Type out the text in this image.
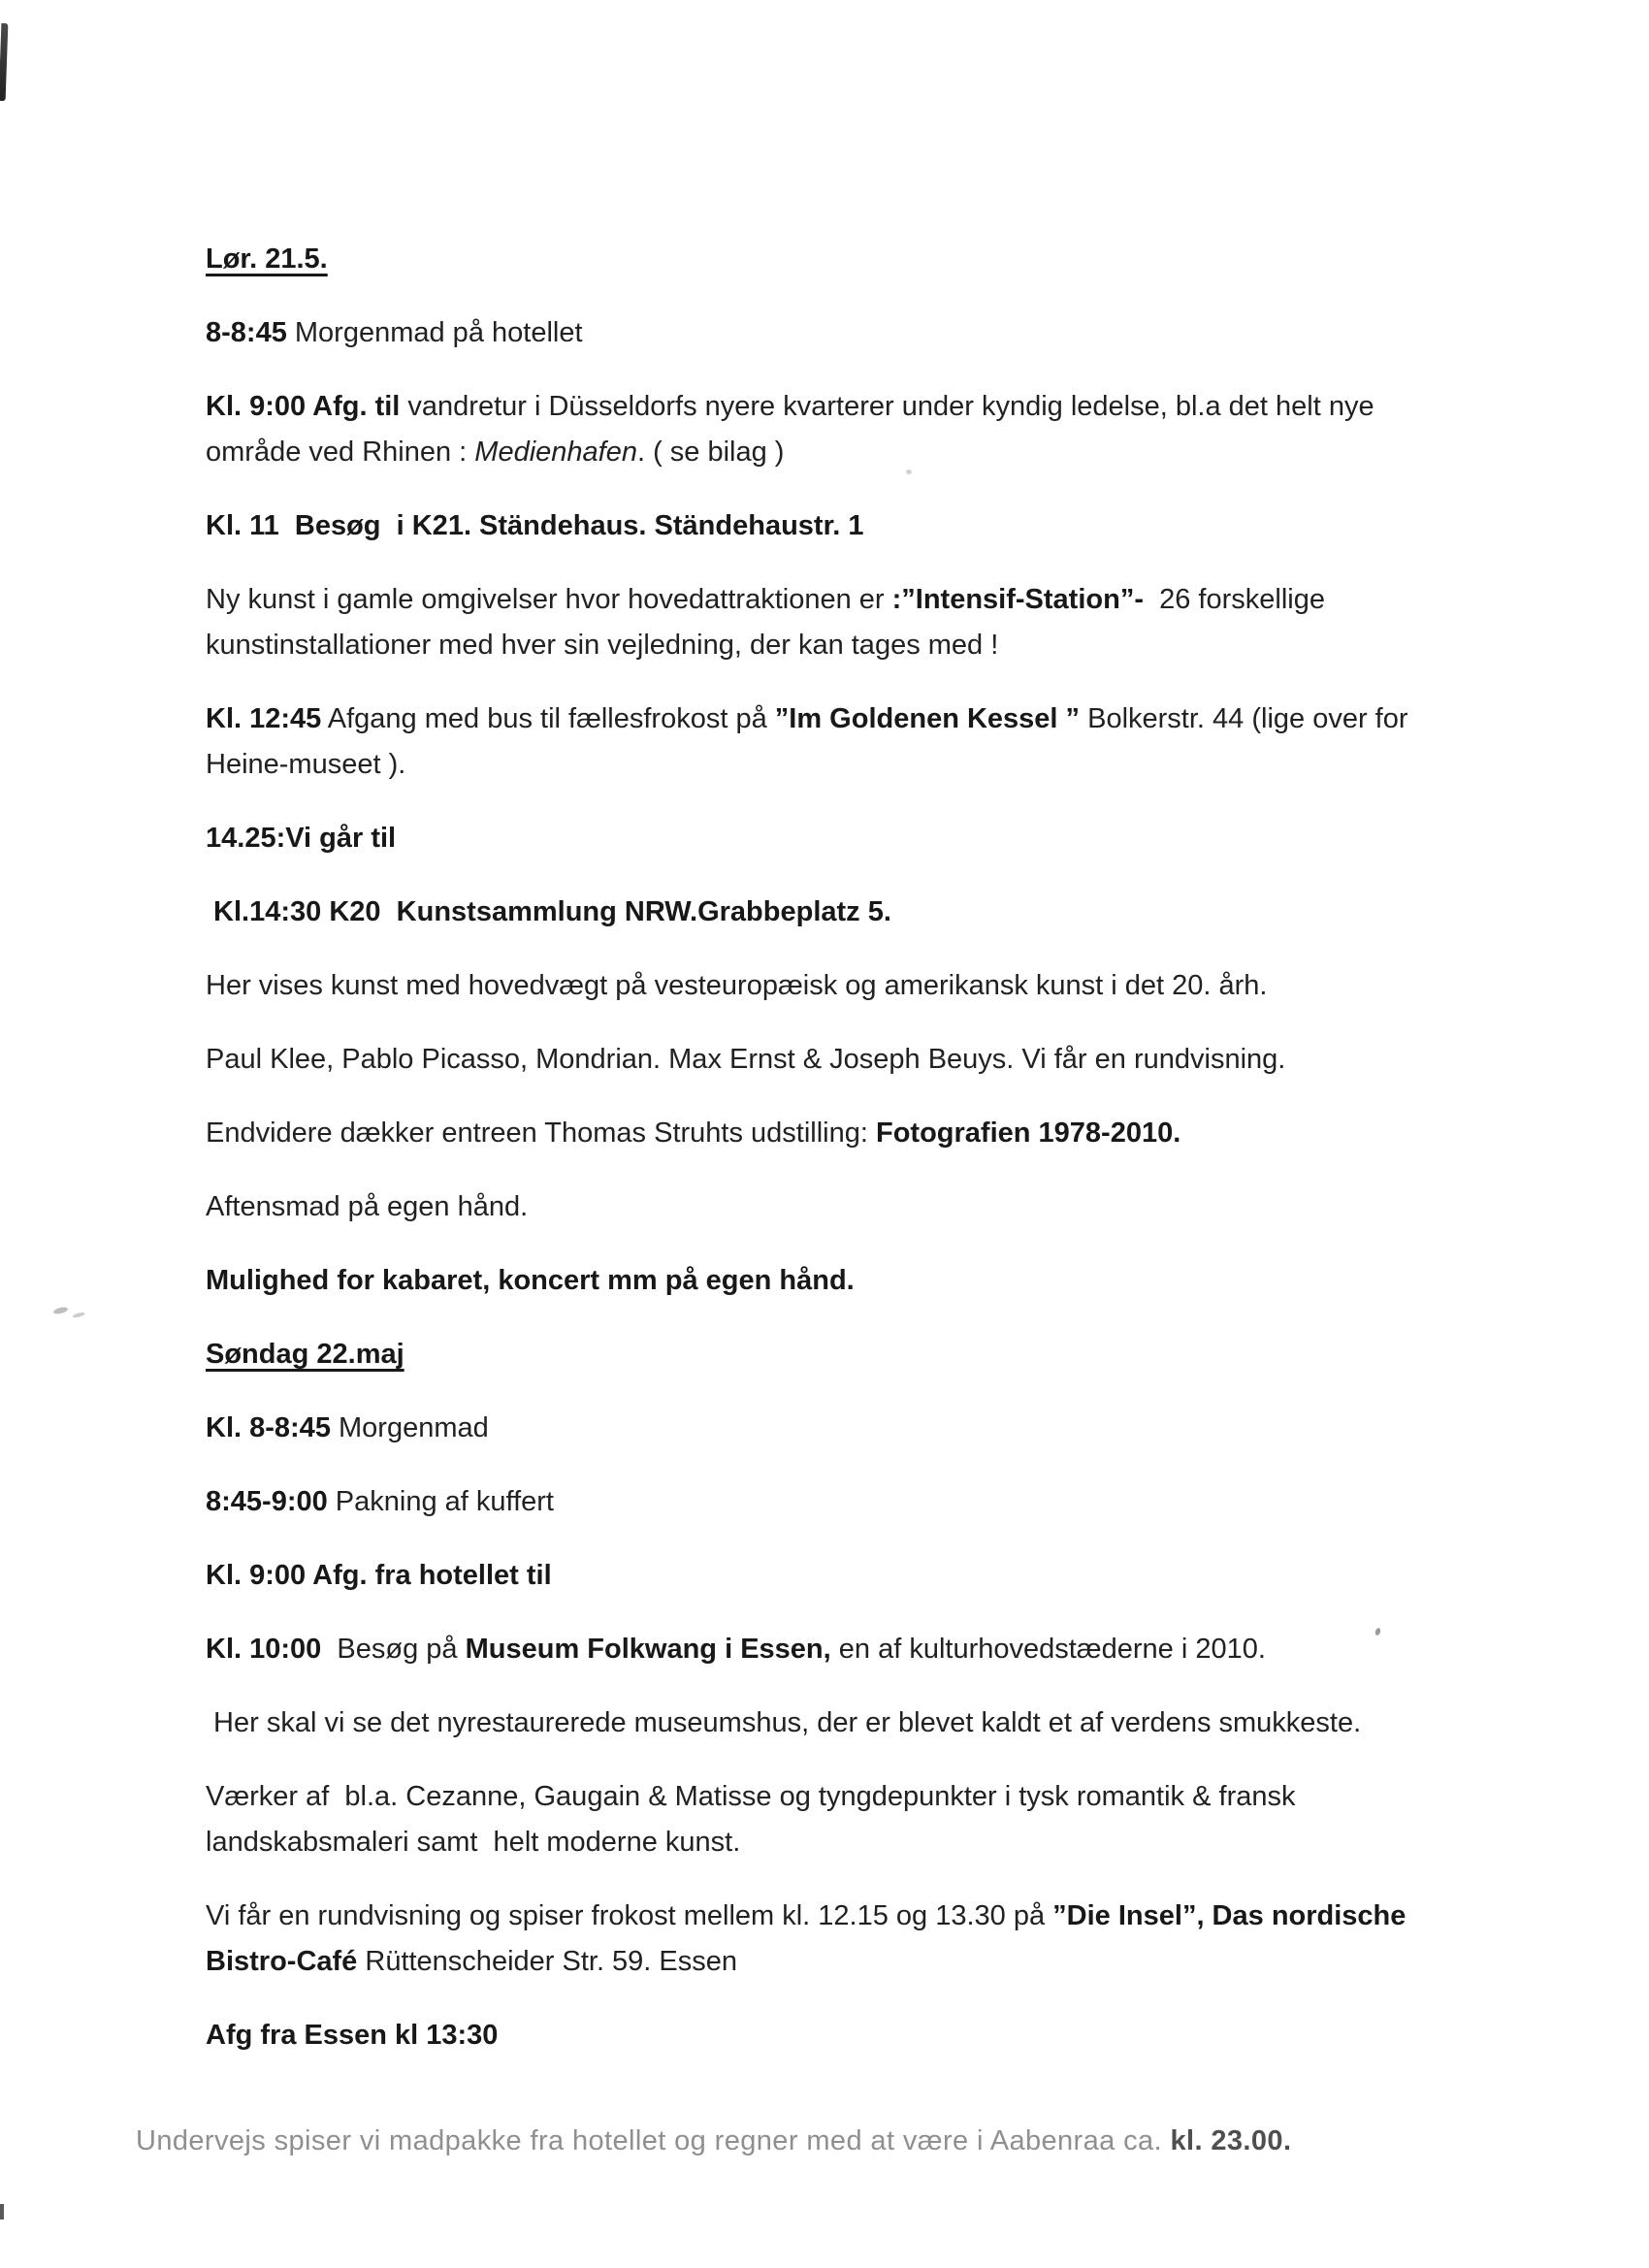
Lør. 21.5.
8-8:45 Morgenmad på hotellet
Kl. 9:00 Afg. til vandretur i Düsseldorfs nyere kvarterer under kyndig ledelse, bl.a det helt nye
område ved Rhinen : Medienhafen. ( se bilag )
Kl. 11  Besøg  i K21. Ständehaus. Ständehaustr. 1
Ny kunst i gamle omgivelser hvor hovedattraktionen er :”Intensif-Station”-  26 forskellige
kunstinstallationer med hver sin vejledning, der kan tages med !
Kl. 12:45 Afgang med bus til fællesfrokost på ”Im Goldenen Kessel ” Bolkerstr. 44 (lige over for
Heine-museet ).
14.25:Vi går til
Kl.14:30 K20  Kunstsammlung NRW.Grabbeplatz 5.
Her vises kunst med hovedvægt på vesteuropæisk og amerikansk kunst i det 20. årh.
Paul Klee, Pablo Picasso, Mondrian. Max Ernst & Joseph Beuys. Vi får en rundvisning.
Endvidere dækker entreen Thomas Struhts udstilling: Fotografien 1978-2010.
Aftensmad på egen hånd.
Mulighed for kabaret, koncert mm på egen hånd.
Søndag 22.maj
Kl. 8-8:45 Morgenmad
8:45-9:00 Pakning af kuffert
Kl. 9:00 Afg. fra hotellet til
Kl. 10:00  Besøg på Museum Folkwang i Essen, en af kulturhovedstæderne i 2010.
Her skal vi se det nyrestaurerede museumshus, der er blevet kaldt et af verdens smukkeste.
Værker af  bl.a. Cezanne, Gaugain & Matisse og tyngdepunkter i tysk romantik & fransk
landskabsmaleri samt  helt moderne kunst.
Vi får en rundvisning og spiser frokost mellem kl. 12.15 og 13.30 på ”Die Insel”, Das nordische
Bistro-Café Rüttenscheider Str. 59. Essen
Afg fra Essen kl 13:30
Undervejs spiser vi madpakke fra hotellet og regner med at være i Aabenraa ca. kl. 23.00.
